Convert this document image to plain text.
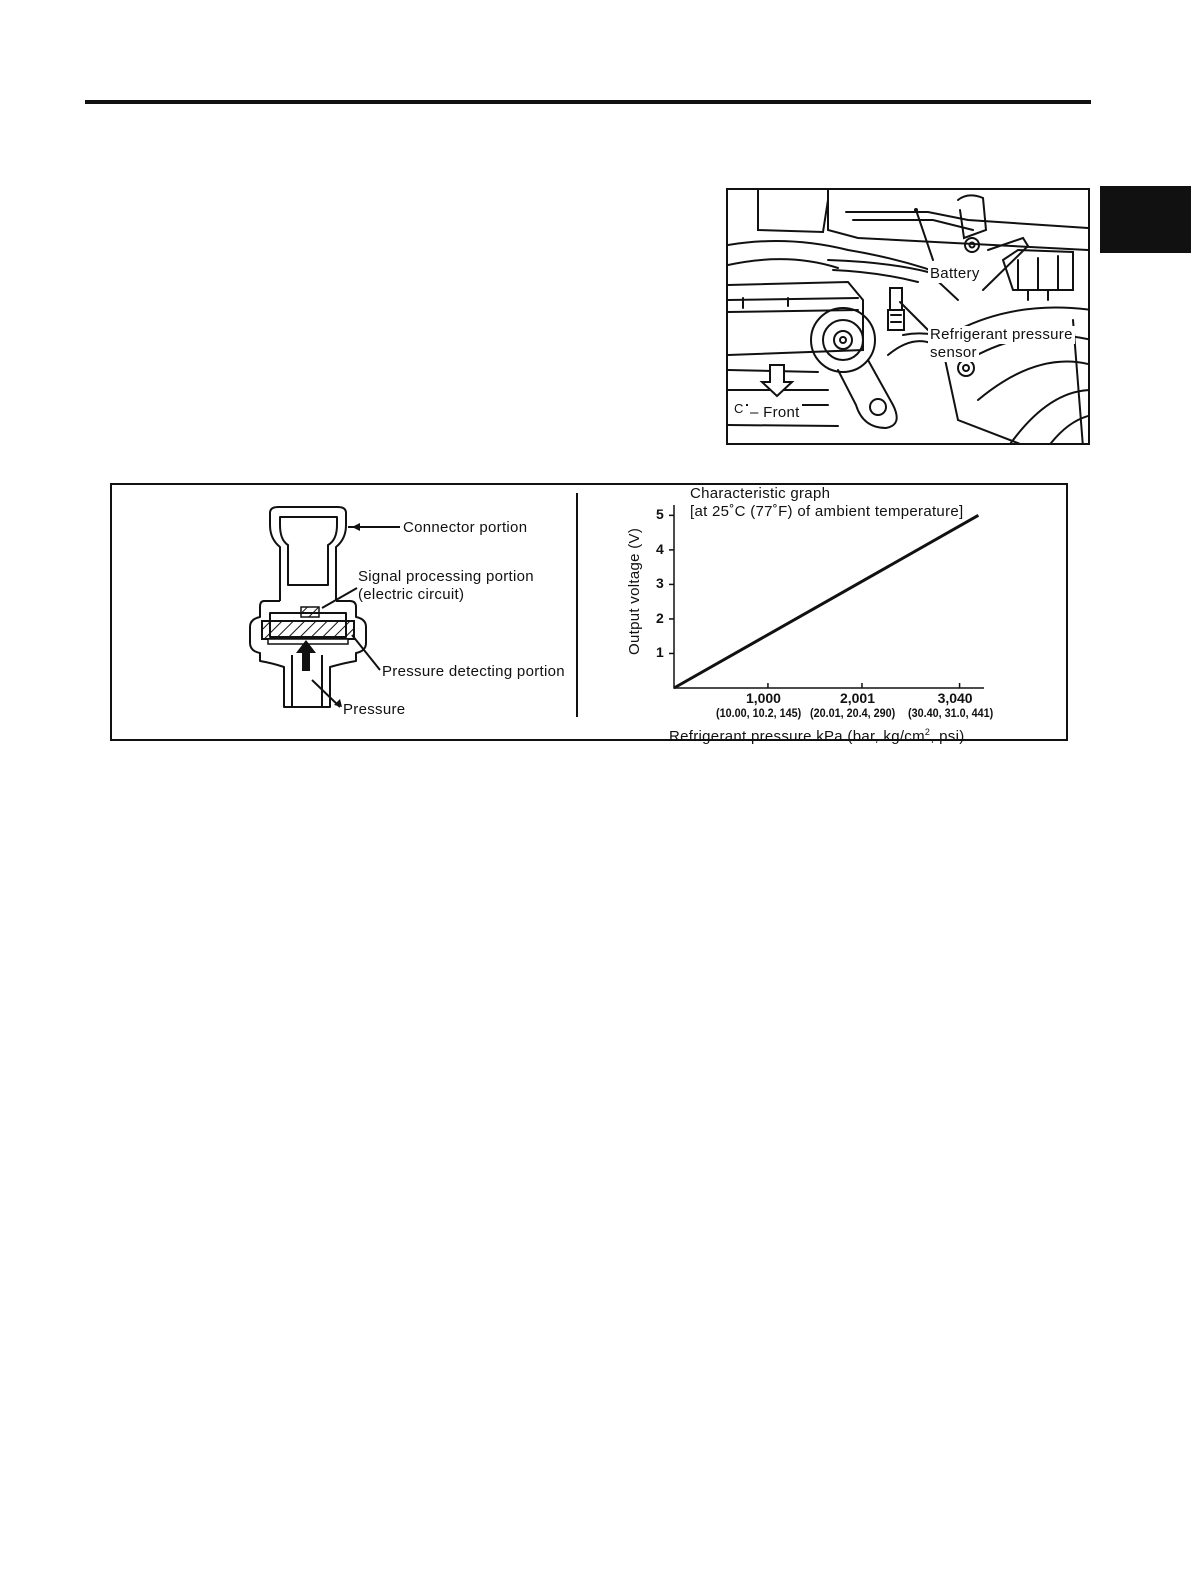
Battery
Refrigerant pressure
sensor
С – Front
Connector portion
Signal processing portion
(electric circuit)
Pressure detecting portion
Pressure
Characteristic graph
[at 25˚C (77˚F) of ambient temperature]
Output voltage (V)
Refrigerant pressure kPa (bar, $kg/cm^2$, psi)
1
2
3
4
5
1,000
(10.00, 10.2, 145)
2,001
(20.01, 20.4, 290)
3,040
(30.40, 31.0, 441)
